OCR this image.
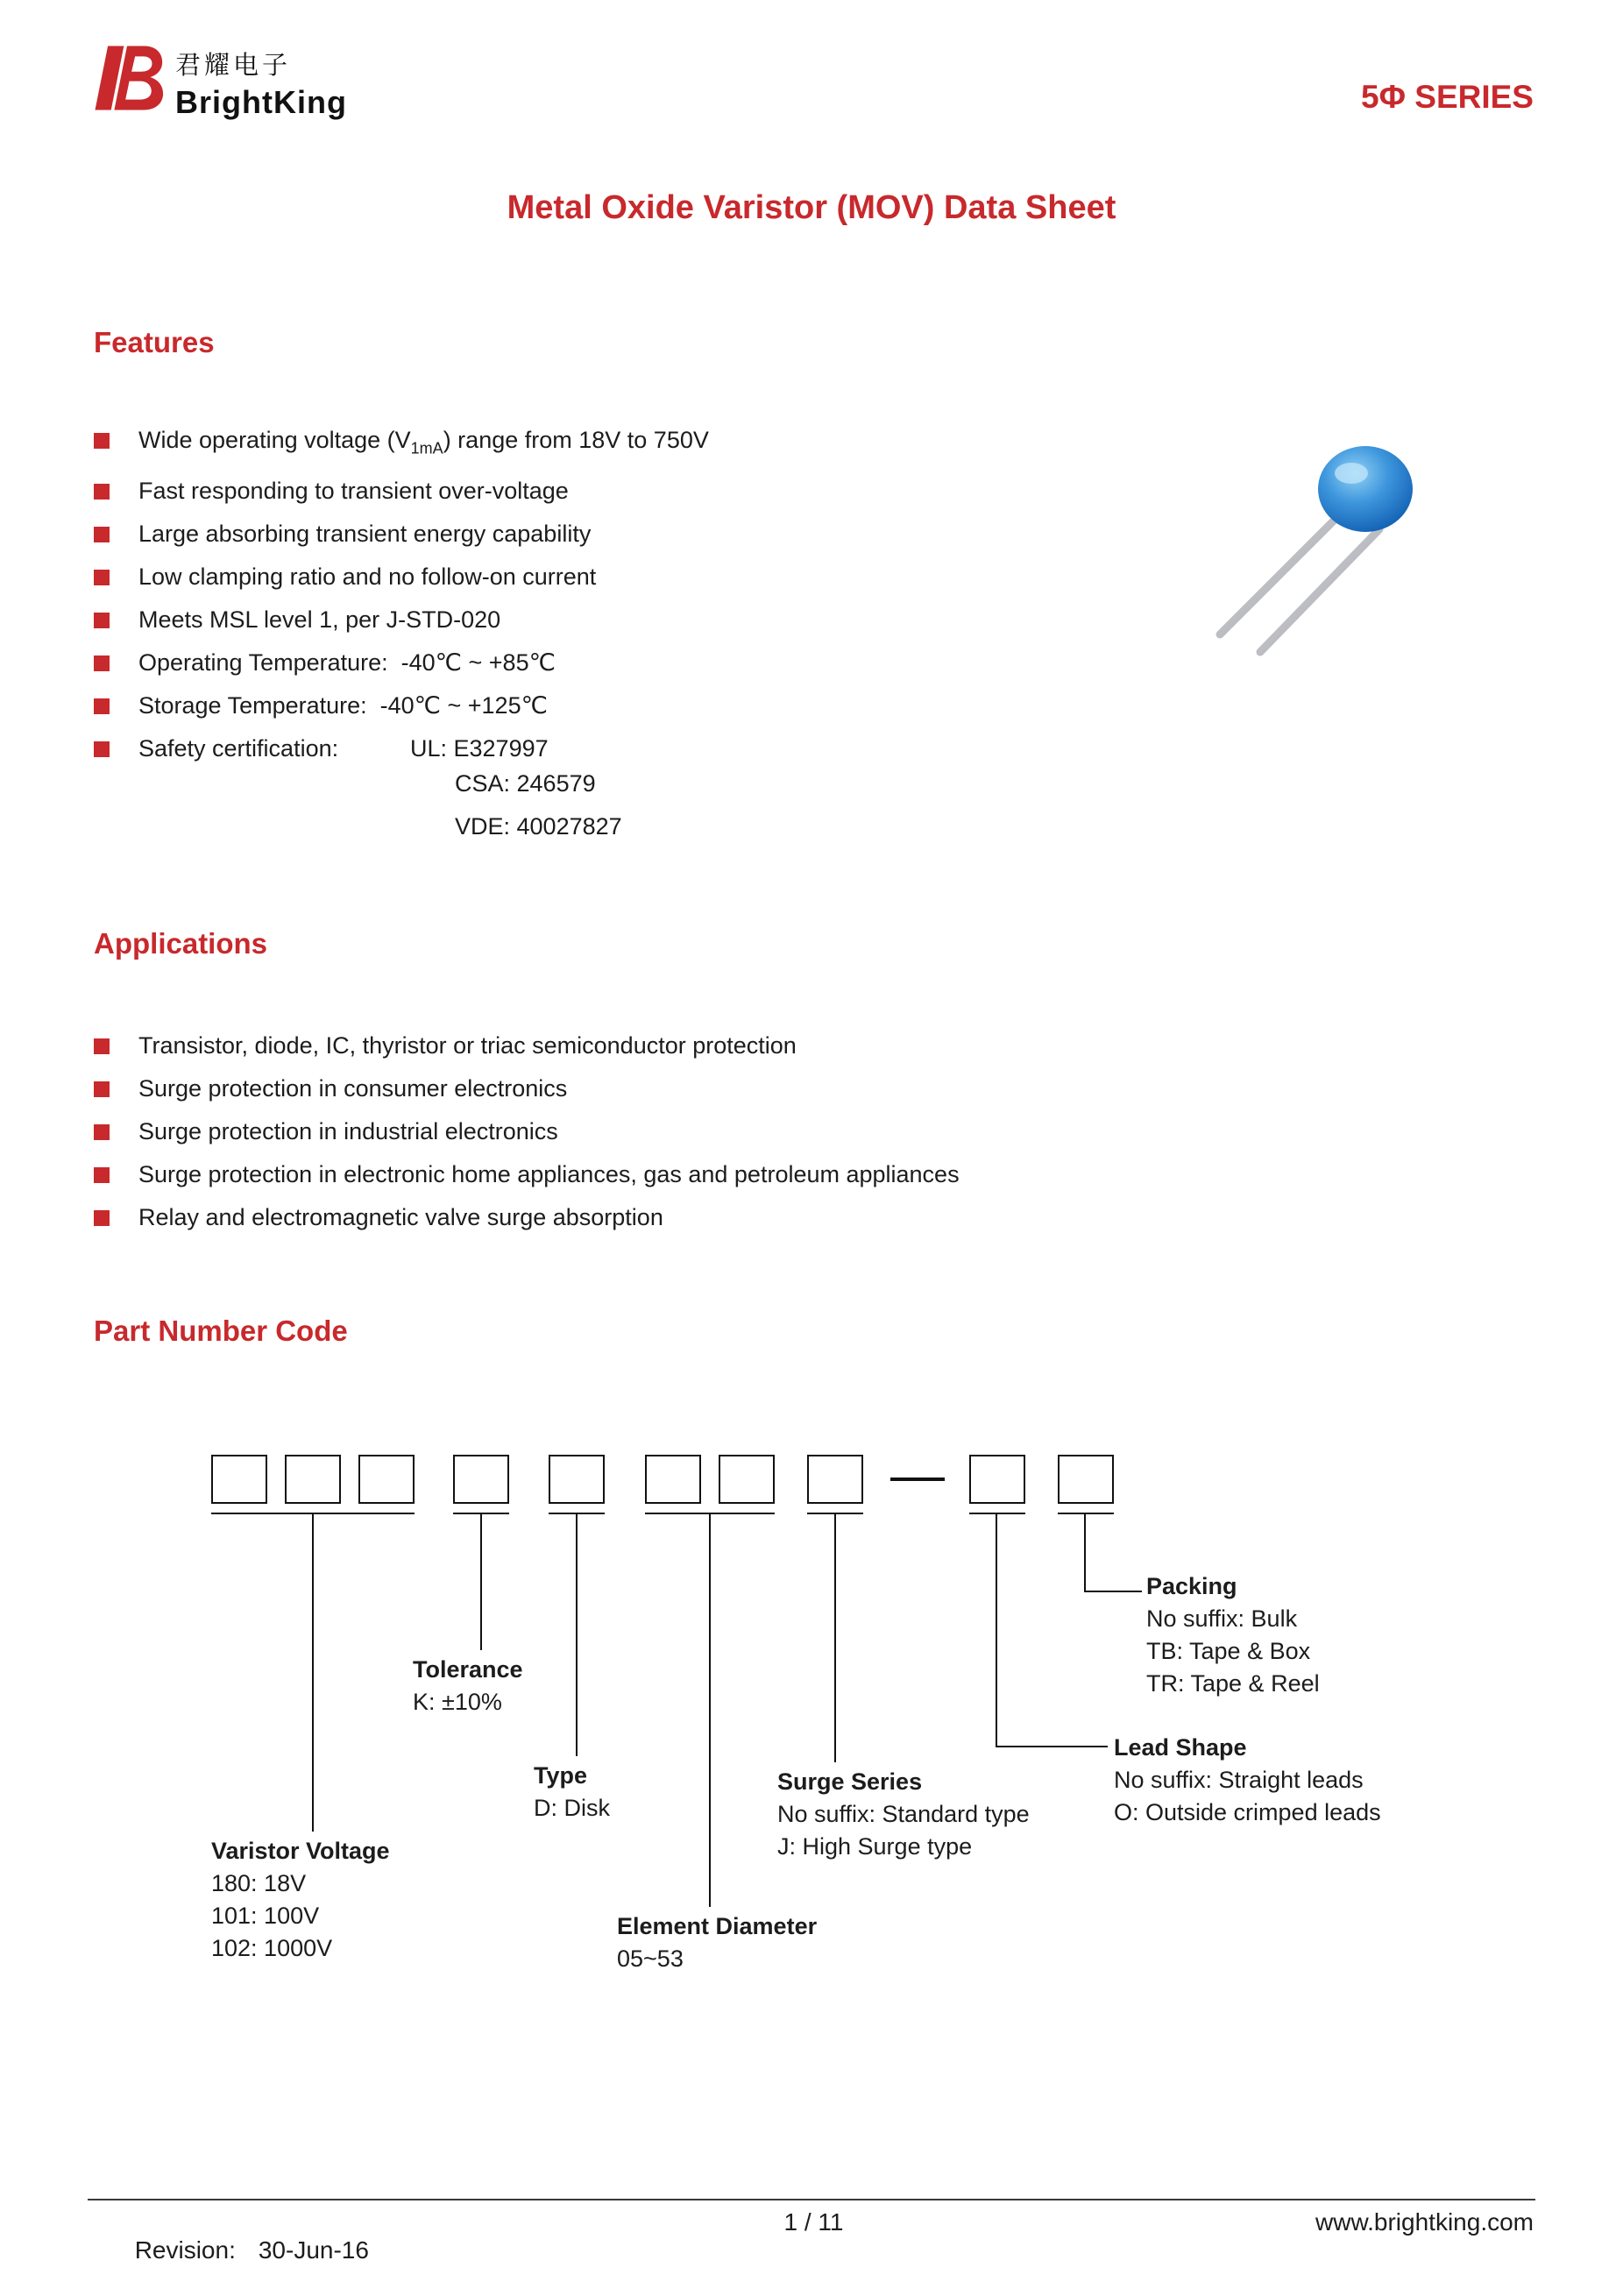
君耀电子
BrightKing	5Φ SERIES
Metal Oxide Varistor (MOV) Data Sheet
Features
Wide operating voltage $(V_{1mA})$ range from 18V to 750V
Fast responding to transient over-voltage
Large absorbing transient energy capability
Low clamping ratio and no follow-on current
Meets MSL level 1, per J-STD-020
Operating Temperature:  -40℃ ~ +85℃
Storage Temperature:  -40℃ ~ +125℃
Safety certification:	UL: E327997
CSA: 246579
VDE: 40027827
Applications
Transistor, diode, IC, thyristor or triac semiconductor protection
Surge protection in consumer electronics
Surge protection in industrial electronics
Surge protection in electronic home appliances, gas and petroleum appliances
Relay and electromagnetic valve surge absorption
Part Number Code
Packing
No suffix: Bulk
TB: Tape & Box
TR: Tape & Reel
Lead Shape
No suffix: Straight leads
O: Outside crimped leads
Surge Series
No suffix: Standard type
J: High Surge type
Tolerance
K: ±10%
Type
D: Disk
Varistor Voltage
180: 18V
101: 100V
102: 1000V
Element Diameter
05~53

Revision: 30-Jun-16

1 / 11	www.brightking.com
